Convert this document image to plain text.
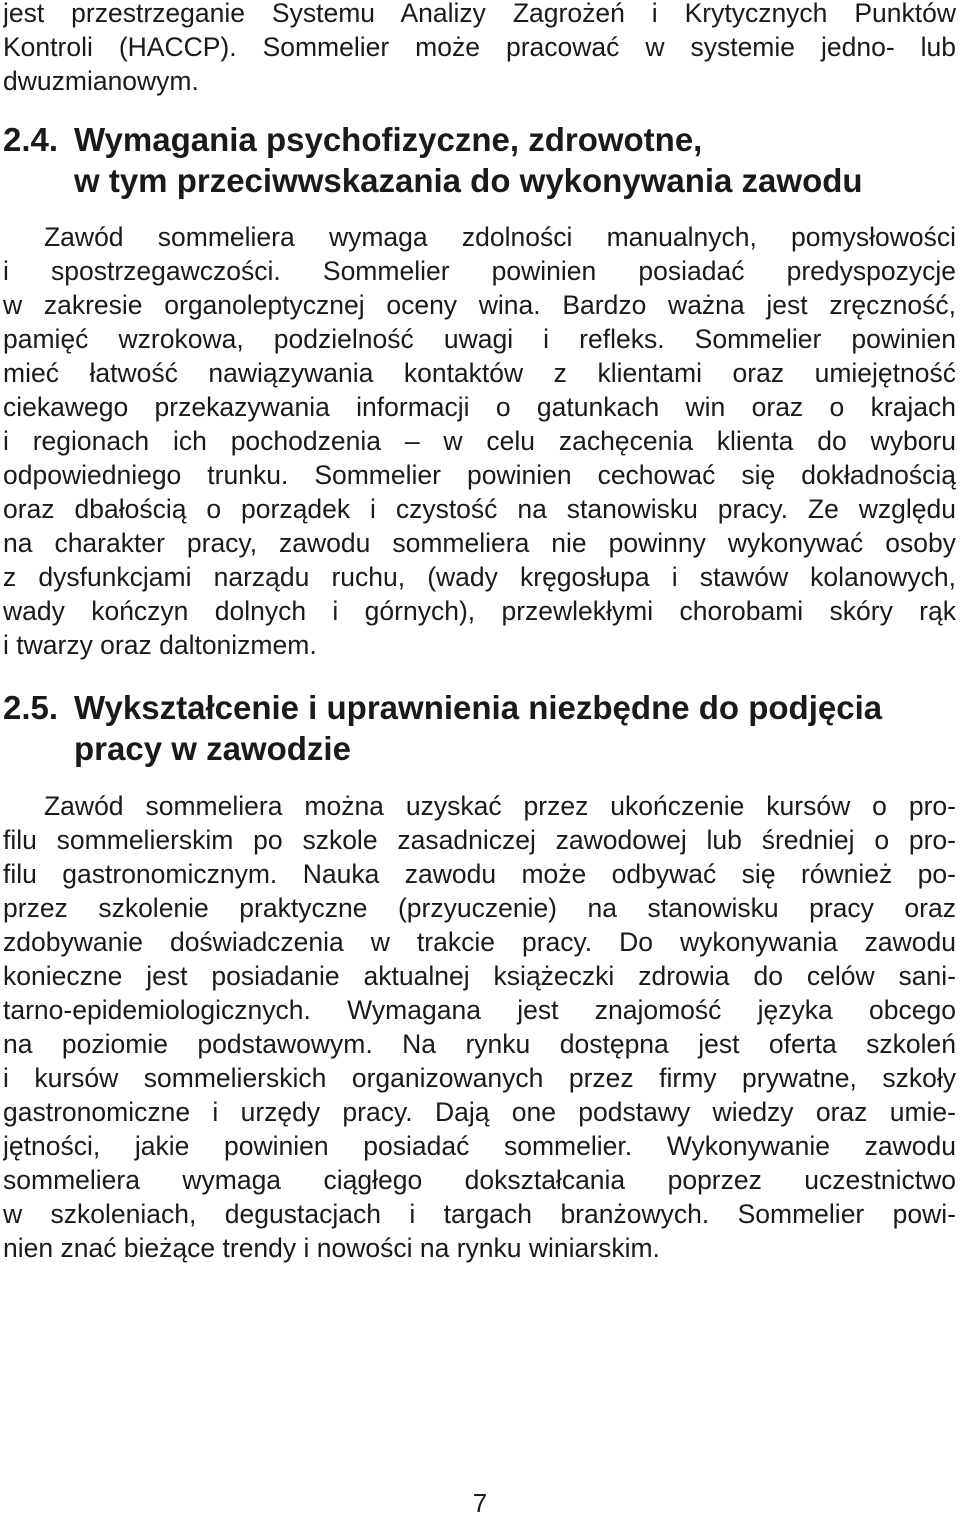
jest przestrzeganie Systemu Analizy Zagrożeń i Krytycznych Punktów
Kontroli (HACCP). Sommelier może pracować w systemie jedno- lub
dwuzmianowym.
2.4. Wymagania psychofizyczne, zdrowotne,
w tym przeciwwskazania do wykonywania zawodu
Zawód sommeliera wymaga zdolności manualnych, pomysłowości
i spostrzegawczości. Sommelier powinien posiadać predyspozycje
w zakresie organoleptycznej oceny wina. Bardzo ważna jest zręczność,
pamięć wzrokowa, podzielność uwagi i refleks. Sommelier powinien
mieć łatwość nawiązywania kontaktów z klientami oraz umiejętność
ciekawego przekazywania informacji o gatunkach win oraz o krajach
i regionach ich pochodzenia – w celu zachęcenia klienta do wyboru
odpowiedniego trunku. Sommelier powinien cechować się dokładnością
oraz dbałością o porządek i czystość na stanowisku pracy. Ze względu
na charakter pracy, zawodu sommeliera nie powinny wykonywać osoby
z dysfunkcjami narządu ruchu, (wady kręgosłupa i stawów kolanowych,
wady kończyn dolnych i górnych), przewlekłymi chorobami skóry rąk
i twarzy oraz daltonizmem.
2.5. Wykształcenie i uprawnienia niezbędne do podjęcia
pracy w zawodzie
Zawód sommeliera można uzyskać przez ukończenie kursów o pro-
filu sommelierskim po szkole zasadniczej zawodowej lub średniej o pro-
filu gastronomicznym. Nauka zawodu może odbywać się również po-
przez szkolenie praktyczne (przyuczenie) na stanowisku pracy oraz
zdobywanie doświadczenia w trakcie pracy. Do wykonywania zawodu
konieczne jest posiadanie aktualnej książeczki zdrowia do celów sani-
tarno-epidemiologicznych. Wymagana jest znajomość języka obcego
na poziomie podstawowym. Na rynku dostępna jest oferta szkoleń
i kursów sommelierskich organizowanych przez firmy prywatne, szkoły
gastronomiczne i urzędy pracy. Dają one podstawy wiedzy oraz umie-
jętności, jakie powinien posiadać sommelier. Wykonywanie zawodu
sommeliera wymaga ciągłego dokształcania poprzez uczestnictwo
w szkoleniach, degustacjach i targach branżowych. Sommelier powi-
nien znać bieżące trendy i nowości na rynku winiarskim.
7
